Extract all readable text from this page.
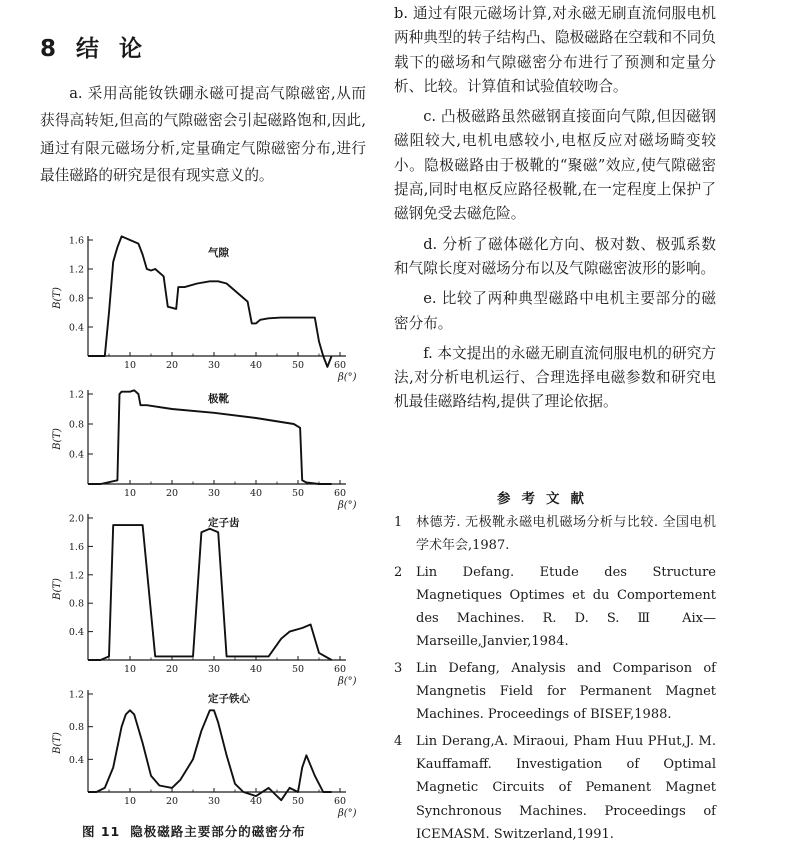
8 结 论

a. 采用高能钕铁硼永磁可提高气隙磁密,从而获得高转矩,但高的气隙磁密会引起磁路饱和,因此,通过有限元磁场分析,定量确定气隙磁密分布,进行最佳磁路的研究是很有现实意义的。

b. 通过有限元磁场计算,对永磁无刷直流伺服电机两种典型的转子结构凸、隐极磁路在空载和不同负载下的磁场和气隙磁密分布进行了预测和定量分析、比较。计算值和试验值较吻合。

c. 凸极磁路虽然磁钢直接面向气隙,但因磁钢磁阻较大,电机电感较小,电枢反应对磁场畸变较小。隐极磁路由于极靴的“聚磁”效应,使气隙磁密提高,同时电枢反应路径极靴,在一定程度上保护了磁钢免受去磁危险。

d. 分析了磁体磁化方向、极对数、极弧系数和气隙长度对磁场分布以及气隙磁密波形的影响。

e. 比较了两种典型磁路中电机主要部分的磁密分布。

f. 本文提出的永磁无刷直流伺服电机的研究方法,对分析电机运行、合理选择电磁参数和研究电机最佳磁路结构,提供了理论依据。

参考文献
1 林德芳. 无极靴永磁电机磁场分析与比较. 全国电机学术年会,1987.
2 Lin Defang. Etude des Structure Magnetiques Optimes et du Comportement des Machines. R. D. S. Ⅲ Aix—Marseille,Janvier,1984.
3 Lin Defang, Analysis and Comparison of Mangnetis Field for Permanent Magnet Machines. Proceedings of BISEF,1988.
4 Lin Derang,A. Miraoui, Pham Huu PHut,J. M. Kauffamaff. Investigation of Optimal Magnetic Circuits of Pemanent Magnet Synchronous Machines. Proceedings of ICEMASM. Switzerland,1991.
0.4
0.8
1.2
1.6
10	20	30	40	50	60
B(T)
β(°)
气隙
0.4
0.8
1.2
10	20	30	40	50	60
B(T)
β(°)
极靴
0.4
0.8
1.2
1.6
2.0
10	20	30	40	50	60
B(T)
β(°)
定子齿
0.4
0.8
1.2
10	20	30	40	50	60
B(T)
β(°)
定子铁心

图 11 隐极磁路主要部分的磁密分布
